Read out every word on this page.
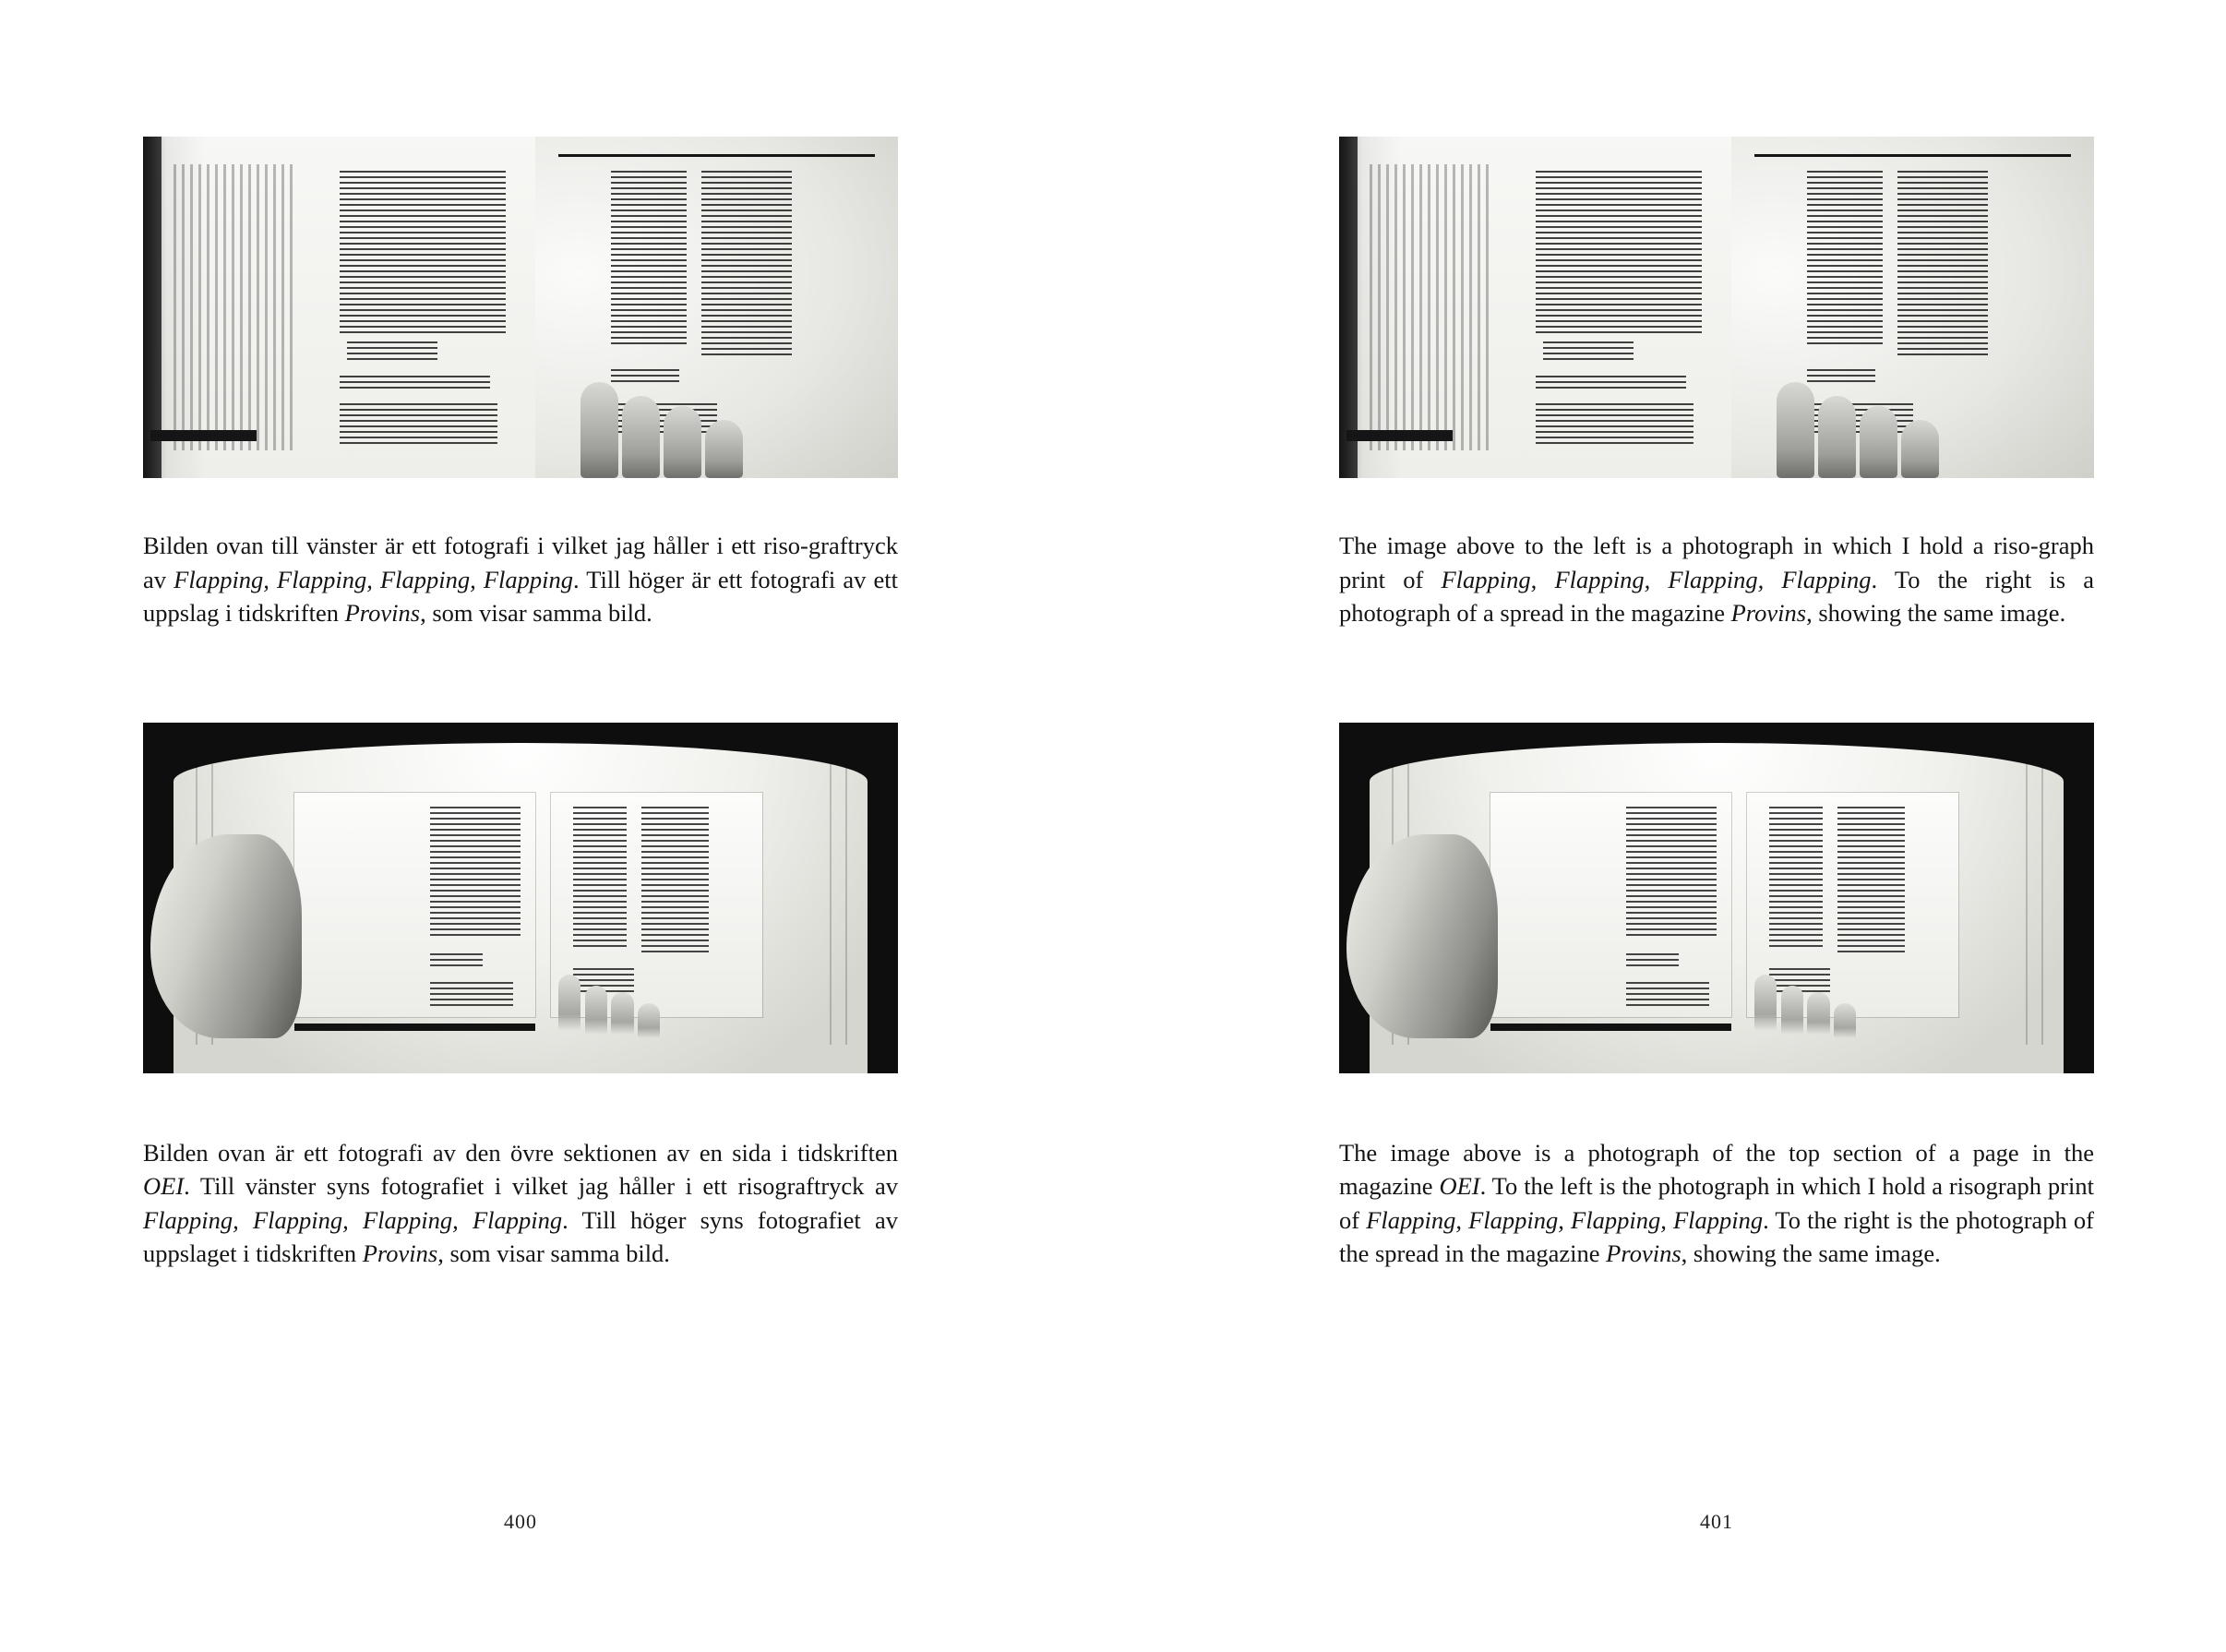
Bilden ovan till vänster är ett fotografi i vilket jag håller i ett riso-graftryck av Flapping, Flapping, Flapping, Flapping. Till höger är ett fotografi av ett uppslag i tidskriften Provins, som visar samma bild.
Bilden ovan är ett fotografi av den övre sektionen av en sida i tidskriften OEI. Till vänster syns fotografiet i vilket jag håller i ett risograftryck av Flapping, Flapping, Flapping, Flapping. Till höger syns fotografiet av uppslaget i tidskriften Provins, som visar samma bild.
400
The image above to the left is a photograph in which I hold a riso-graph print of Flapping, Flapping, Flapping, Flapping. To the right is a photograph of a spread in the magazine Provins, showing the same image.
The image above is a photograph of the top section of a page in the magazine OEI. To the left is the photograph in which I hold a risograph print of Flapping, Flapping, Flapping, Flapping. To the right is the photograph of the spread in the magazine Provins, showing the same image.
401
